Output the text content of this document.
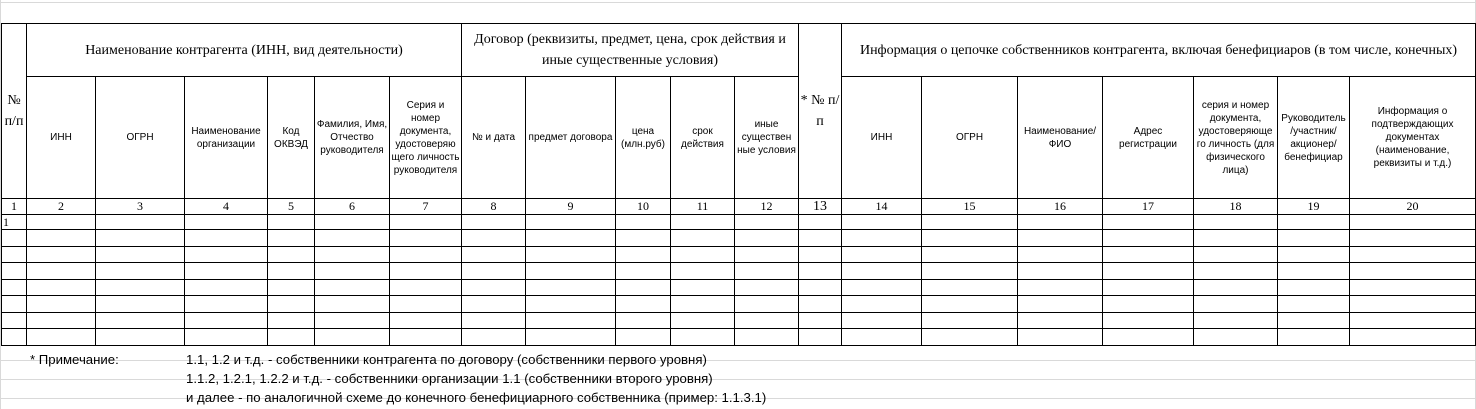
№ п/п	Наименование контрагента (ИНН, вид деятельности)						Договор (реквизиты, предмет, цена, срок действия и иные существенные условия)					* № п/п	Информация о цепочке собственников контрагента, включая бенефициаров (в том числе, конечных)						
	ИНН	ОГРН	Наименование организации	Код ОКВЭД	Фамилия, Имя, Отчество руководителя	Серия и номер документа, удостоверяю щего личность руководителя	№ и дата	предмет договора	цена (млн.руб)	срок действия	иные существен ные условия		ИНН	ОГРН	Наименование/ ФИО	Адрес регистрации	серия и номер документа, удостоверяюще го личность (для физического лица)	Руководитель /участник/ акционер/ бенефициар	Информация о подтверждающих документах (наименование, реквизиты и т.д.)
1	2	3	4	5	6	7	8	9	10	11	12	13	14	15	16	17	18	19	20
1																			

* Примечание:	1.1, 1.2 и т.д. - собственники контрагента по договору (собственники первого уровня)
1.1.2, 1.2.1, 1.2.2 и т.д. - собственники организации 1.1 (собственники второго уровня)
и далее - по аналогичной схеме до конечного бенефициарного собственника (пример: 1.1.3.1)
